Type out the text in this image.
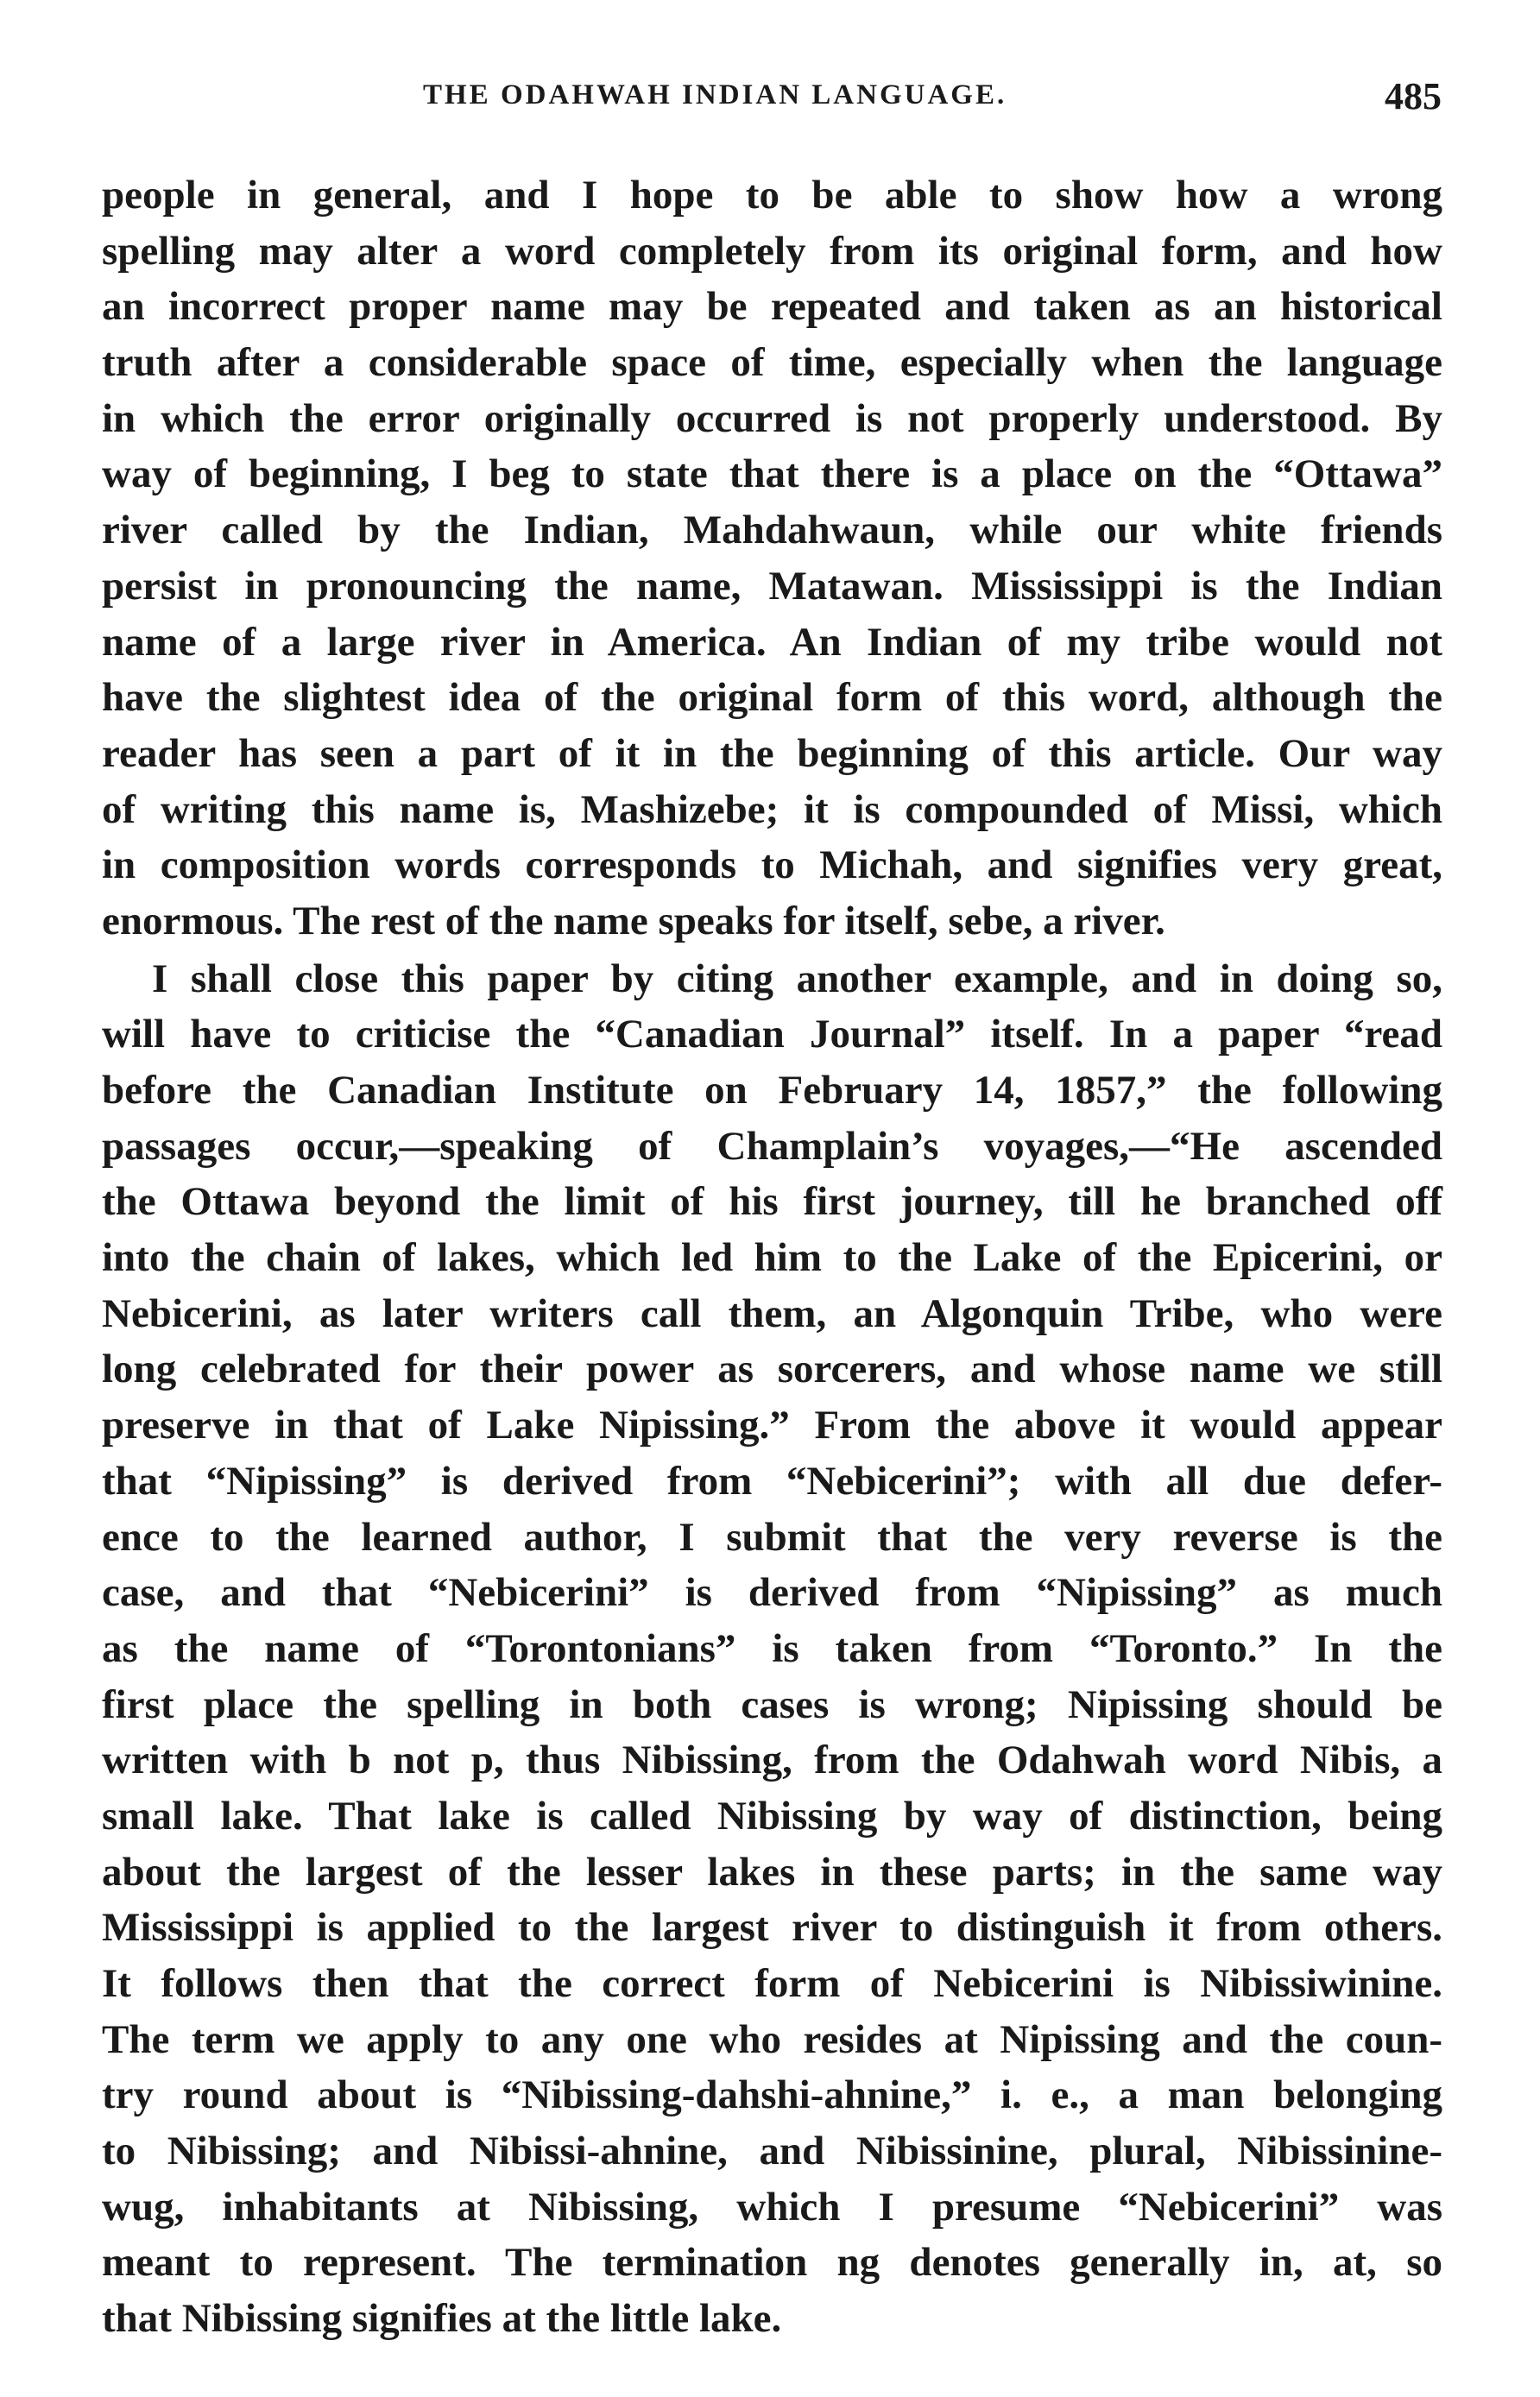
THE ODAHWAH INDIAN LANGUAGE.	485
people in general, and I hope to be able to show how a wrong
spelling may alter a word completely from its original form, and how
an incorrect proper name may be repeated and taken as an historical
truth after a considerable space of time, especially when the language
in which the error originally occurred is not properly understood. By
way of beginning, I beg to state that there is a place on the “Ottawa”
river called by the Indian, Mahdahwaun, while our white friends
persist in pronouncing the name, Matawan. Mississippi is the Indian
name of a large river in America. An Indian of my tribe would not
have the slightest idea of the original form of this word, although the
reader has seen a part of it in the beginning of this article. Our way
of writing this name is, Mashizebe; it is compounded of Missi, which
in composition words corresponds to Michah, and signifies very great,
enormous. The rest of the name speaks for itself, sebe, a river.
I shall close this paper by citing another example, and in doing so,
will have to criticise the “Canadian Journal” itself. In a paper “read
before the Canadian Institute on February 14, 1857,” the following
passages occur,—speaking of Champlain’s voyages,—“He ascended
the Ottawa beyond the limit of his first journey, till he branched off
into the chain of lakes, which led him to the Lake of the Epicerini, or
Nebicerini, as later writers call them, an Algonquin Tribe, who were
long celebrated for their power as sorcerers, and whose name we still
preserve in that of Lake Nipissing.” From the above it would appear
that “Nipissing” is derived from “Nebicerini”; with all due defer-
ence to the learned author, I submit that the very reverse is the
case, and that “Nebicerini” is derived from “Nipissing” as much
as the name of “Torontonians” is taken from “Toronto.” In the
first place the spelling in both cases is wrong; Nipissing should be
written with b not p, thus Nibissing, from the Odahwah word Nibis, a
small lake. That lake is called Nibissing by way of distinction, being
about the largest of the lesser lakes in these parts; in the same way
Mississippi is applied to the largest river to distinguish it from others.
It follows then that the correct form of Nebicerini is Nibissiwinine.
The term we apply to any one who resides at Nipissing and the coun-
try round about is “Nibissing-dahshi-ahnine,” i. e., a man belonging
to Nibissing; and Nibissi-ahnine, and Nibissinine, plural, Nibissinine-
wug, inhabitants at Nibissing, which I presume “Nebicerini” was
meant to represent. The termination ng denotes generally in, at, so
that Nibissing signifies at the little lake.
